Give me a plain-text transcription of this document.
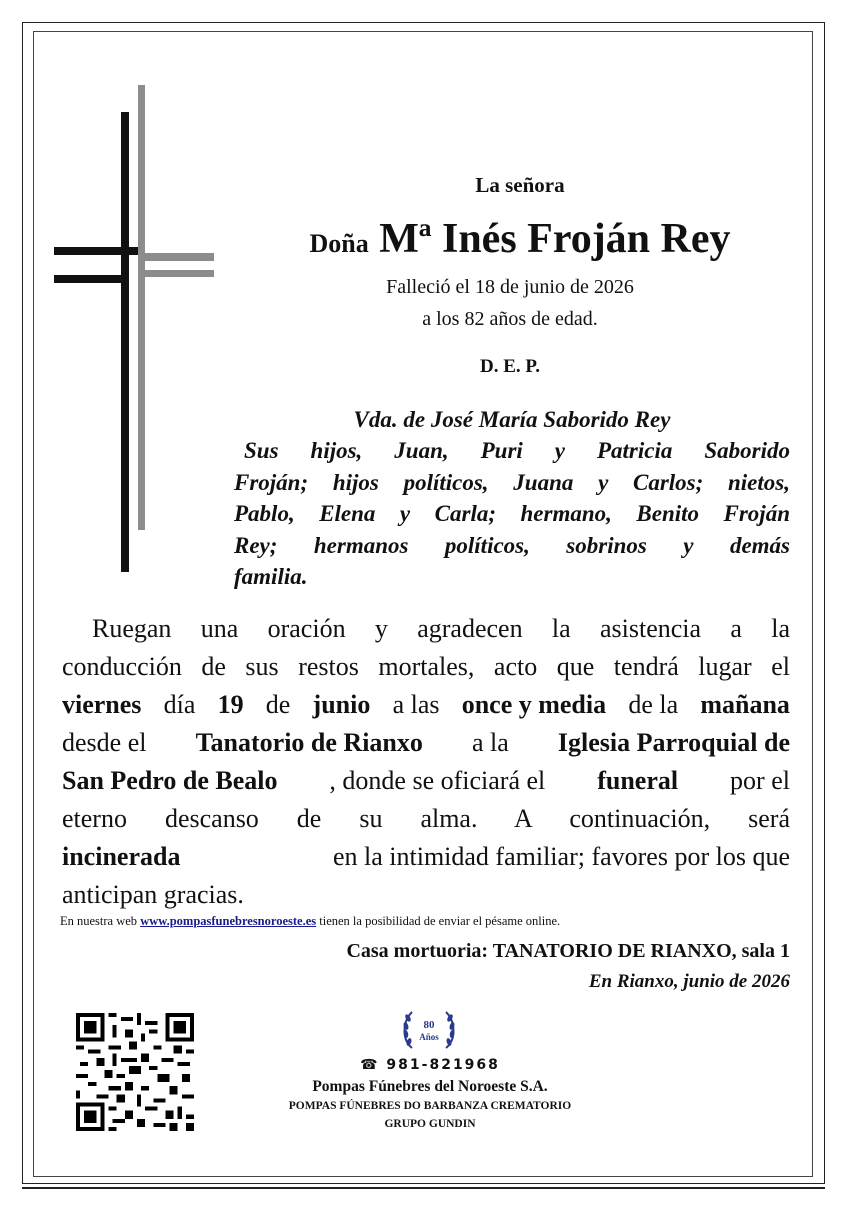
La señora
Doña Mª Inés Froján Rey
Falleció el 18 de junio de 2026
a los 82 años de edad.
D. E. P.
Vda. de José María Saborido Rey
Sus hijos, Juan, Puri y Patricia Saborido
Froján; hijos políticos, Juana y Carlos; nietos,
Pablo, Elena y Carla; hermano, Benito Froján
Rey; hermanos políticos, sobrinos y demás
familia.
Ruegan una oración y agradecen la asistencia a la
conducción de sus restos mortales, acto que tendrá lugar el
viernes día 19 de junio a las once y media de la mañana
desde el Tanatorio de Rianxo a la Iglesia Parroquial de
San Pedro de Bealo , donde se oficiará el funeral por el
eterno descanso de su alma. A continuación, será
incinerada	en la intimidad familiar; favores por los que
anticipan gracias.
En nuestra web www.pompasfunebresnoroeste.es tienen la posibilidad de enviar el pésame online.
Casa mortuoria: TANATORIO DE RIANXO, sala 1
En Rianxo, junio de 2026
80
Años
☎ 981-821968
Pompas Fúnebres del Noroeste S.A.
POMPAS FÚNEBRES DO BARBANZA CREMATORIO
GRUPO GUNDIN
